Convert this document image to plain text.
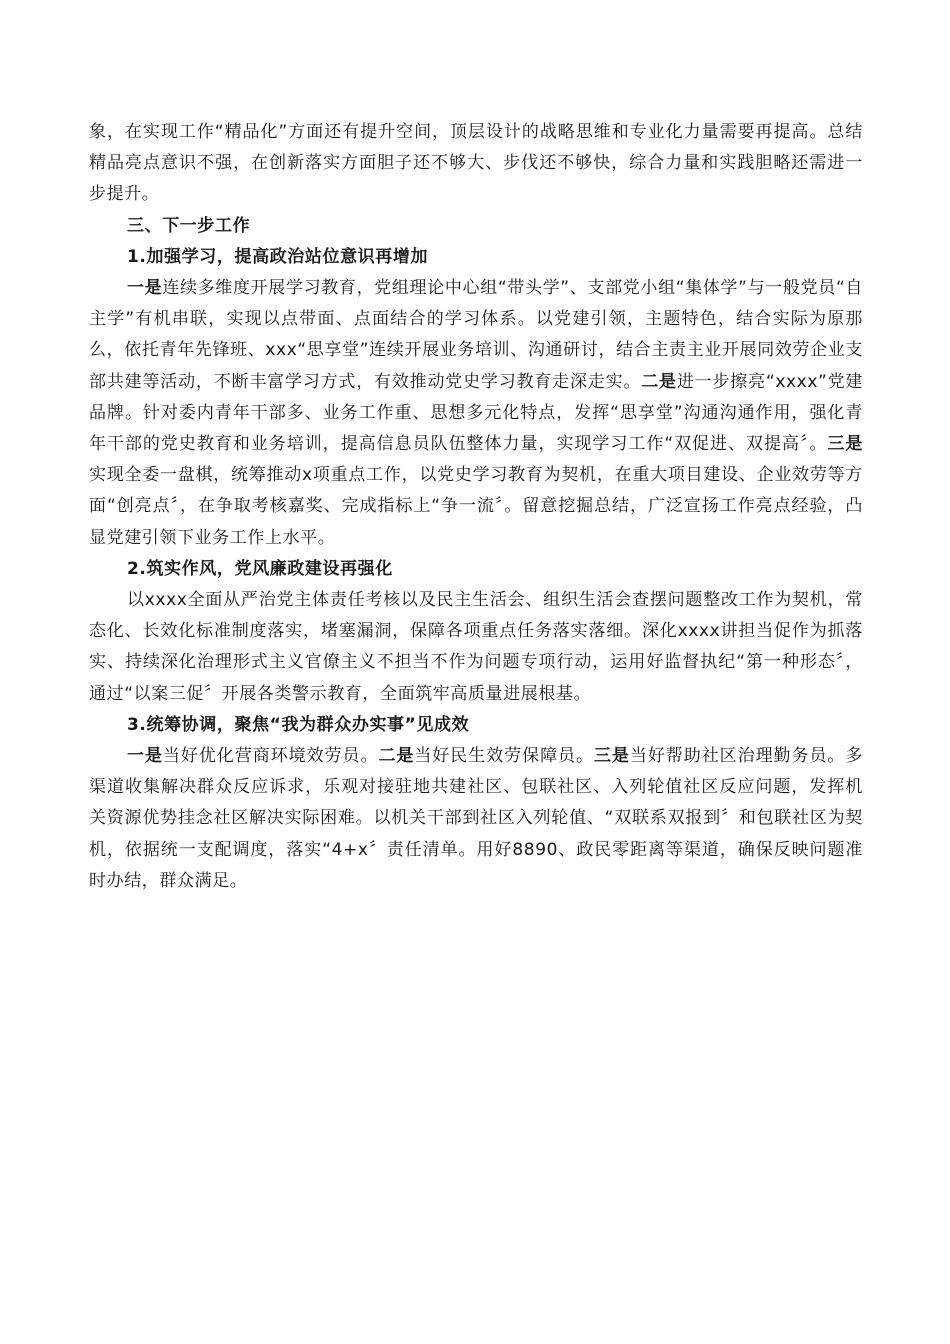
象，在实现工作“精品化”方面还有提升空间，顶层设计的战略思维和专业化力量需要再提高。总结精品亮点意识不强，在创新落实方面胆子还不够大、步伐还不够快，综合力量和实践胆略还需进一步提升。

三、下一步工作

1.加强学习，提高政治站位意识再增加

一是连续多维度开展学习教育，党组理论中心组“带头学”、支部党小组“集体学”与一般党员“自主学”有机串联，实现以点带面、点面结合的学习体系。以党建引领，主题特色，结合实际为原那么，依托青年先锋班、xxx“思享堂”连续开展业务培训、沟通研讨，结合主责主业开展同效劳企业支部共建等活动，不断丰富学习方式，有效推动党史学习教育走深走实。二是进一步擦亮“xxxx”党建品牌。针对委内青年干部多、业务工作重、思想多元化特点，发挥“思享堂”沟通沟通作用，强化青年干部的党史教育和业务培训，提高信息员队伍整体力量，实现学习工作“双促进、双提高〞。三是实现全委一盘棋，统筹推动x项重点工作，以党史学习教育为契机，在重大项目建设、企业效劳等方面“创亮点〞，在争取考核嘉奖、完成指标上“争一流〞。留意挖掘总结，广泛宣扬工作亮点经验，凸显党建引领下业务工作上水平。

2.筑实作风，党风廉政建设再强化

以xxxx全面从严治党主体责任考核以及民主生活会、组织生活会查摆问题整改工作为契机，常态化、长效化标准制度落实，堵塞漏洞，保障各项重点任务落实落细。深化xxxx讲担当促作为抓落实、持续深化治理形式主义官僚主义不担当不作为问题专项行动，运用好监督执纪“第一种形态〞，通过“以案三促〞开展各类警示教育，全面筑牢高质量进展根基。

3.统筹协调，聚焦“我为群众办实事”见成效

一是当好优化营商环境效劳员。二是当好民生效劳保障员。三是当好帮助社区治理勤务员。多渠道收集解决群众反应诉求，乐观对接驻地共建社区、包联社区、入列轮值社区反应问题，发挥机关资源优势挂念社区解决实际困难。以机关干部到社区入列轮值、“双联系双报到〞和包联社区为契机，依据统一支配调度，落实“4+x〞责任清单。用好8890、政民零距离等渠道，确保反映问题准时办结，群众满足。
